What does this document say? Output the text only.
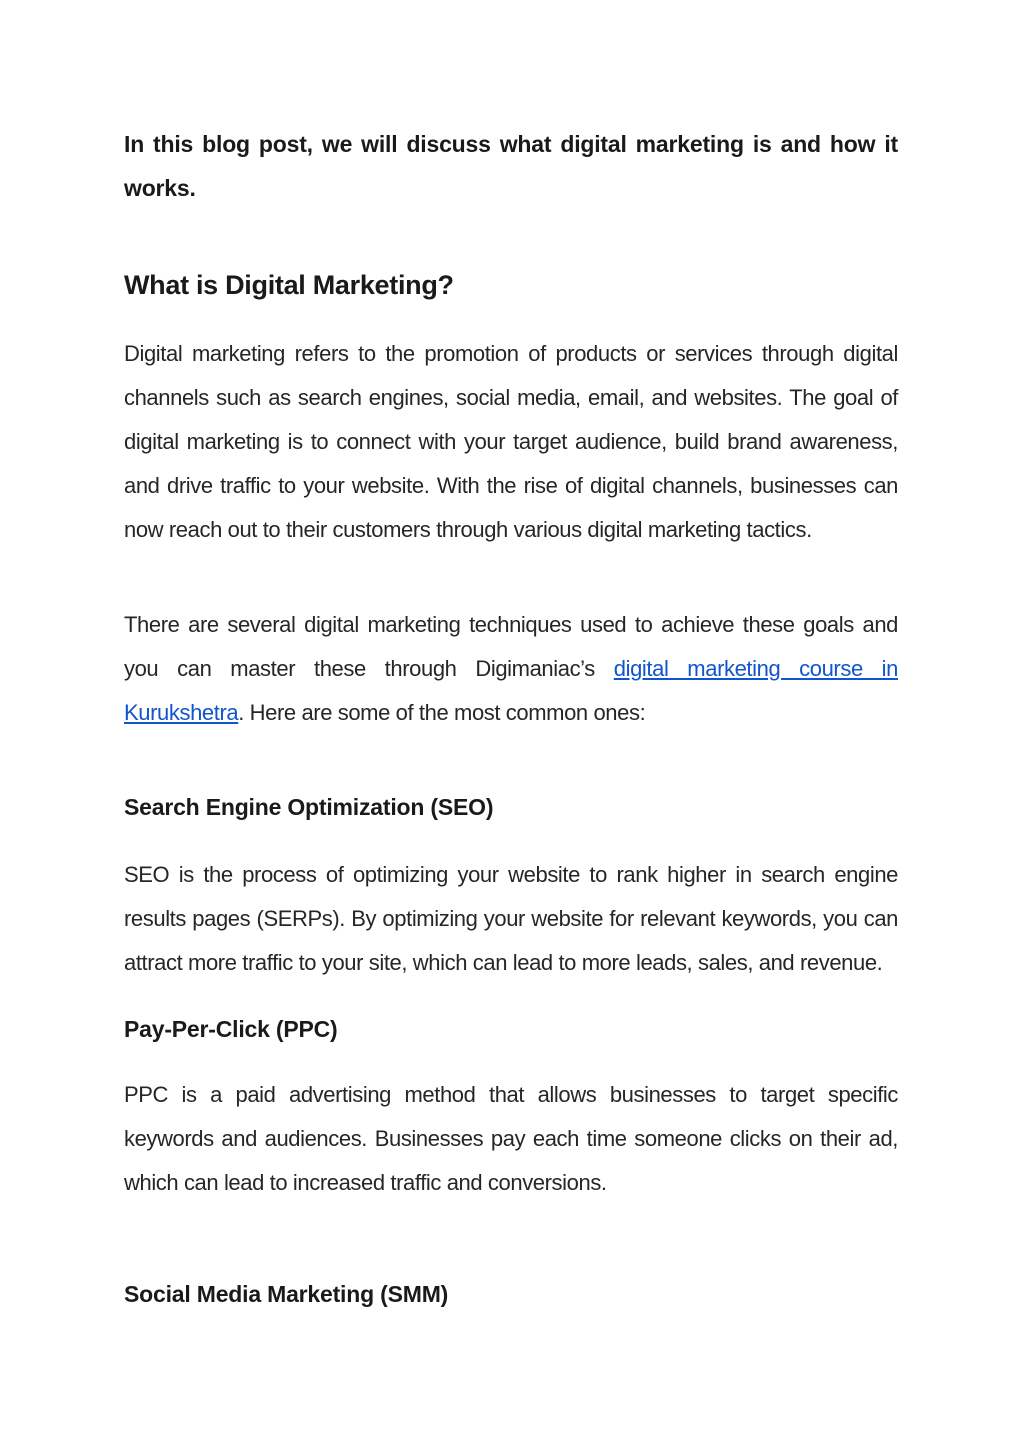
In this blog post, we will discuss what digital marketing is and how it works.

What is Digital Marketing?

Digital marketing refers to the promotion of products or services through digital channels such as search engines, social media, email, and websites. The goal of digital marketing is to connect with your target audience, build brand awareness, and drive traffic to your website. With the rise of digital channels, businesses can now reach out to their customers through various digital marketing tactics.

There are several digital marketing techniques used to achieve these goals and you can master these through Digimaniac’s digital marketing course in Kurukshetra. Here are some of the most common ones:

Search Engine Optimization (SEO)

SEO is the process of optimizing your website to rank higher in search engine results pages (SERPs). By optimizing your website for relevant keywords, you can attract more traffic to your site, which can lead to more leads, sales, and revenue.

Pay-Per-Click (PPC)

PPC is a paid advertising method that allows businesses to target specific keywords and audiences. Businesses pay each time someone clicks on their ad, which can lead to increased traffic and conversions.

Social Media Marketing (SMM)
